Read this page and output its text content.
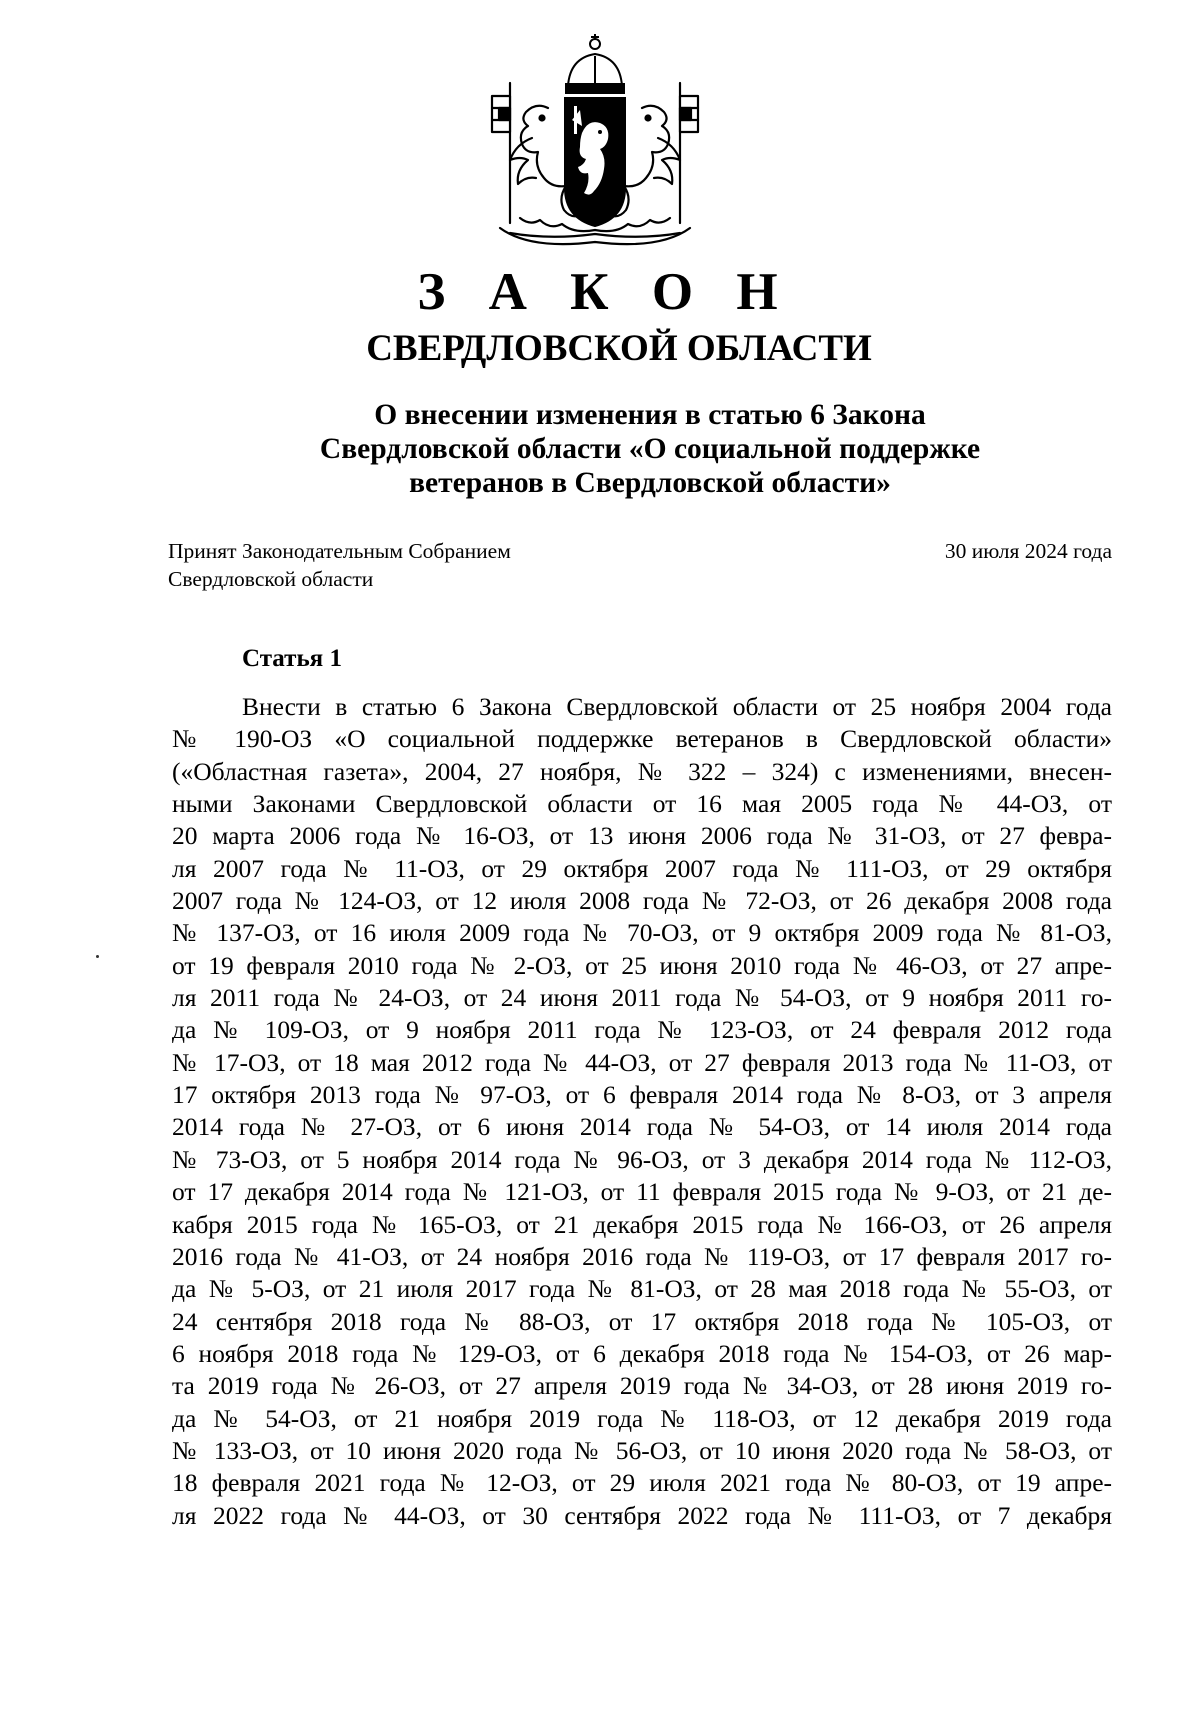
З А К О Н
СВЕРДЛОВСКОЙ ОБЛАСТИ
О внесении изменения в статью 6 Закона
Свердловской области «О социальной поддержке
ветеранов в Свердловской области»
Принят Законодательным Собранием
Свердловской области
30 июля 2024 года
Статья 1
Внести в статью 6 Закона Свердловской области от 25 ноября 2004 года
№ 190-ОЗ «О социальной поддержке ветеранов в Свердловской области»
(«Областная газета», 2004, 27 ноября, № 322 – 324) с изменениями, внесен-
ными Законами Свердловской области от 16 мая 2005 года № 44-ОЗ, от
20 марта 2006 года № 16-ОЗ, от 13 июня 2006 года № 31-ОЗ, от 27 февра-
ля 2007 года № 11-ОЗ, от 29 октября 2007 года № 111-ОЗ, от 29 октября
2007 года № 124-ОЗ, от 12 июля 2008 года № 72-ОЗ, от 26 декабря 2008 года
№ 137-ОЗ, от 16 июля 2009 года № 70-ОЗ, от 9 октября 2009 года № 81-ОЗ,
от 19 февраля 2010 года № 2-ОЗ, от 25 июня 2010 года № 46-ОЗ, от 27 апре-
ля 2011 года № 24-ОЗ, от 24 июня 2011 года № 54-ОЗ, от 9 ноября 2011 го-
да № 109-ОЗ, от 9 ноября 2011 года № 123-ОЗ, от 24 февраля 2012 года
№ 17-ОЗ, от 18 мая 2012 года № 44-ОЗ, от 27 февраля 2013 года № 11-ОЗ, от
17 октября 2013 года № 97-ОЗ, от 6 февраля 2014 года № 8-ОЗ, от 3 апреля
2014 года № 27-ОЗ, от 6 июня 2014 года № 54-ОЗ, от 14 июля 2014 года
№ 73-ОЗ, от 5 ноября 2014 года № 96-ОЗ, от 3 декабря 2014 года № 112-ОЗ,
от 17 декабря 2014 года № 121-ОЗ, от 11 февраля 2015 года № 9-ОЗ, от 21 де-
кабря 2015 года № 165-ОЗ, от 21 декабря 2015 года № 166-ОЗ, от 26 апреля
2016 года № 41-ОЗ, от 24 ноября 2016 года № 119-ОЗ, от 17 февраля 2017 го-
да № 5-ОЗ, от 21 июля 2017 года № 81-ОЗ, от 28 мая 2018 года № 55-ОЗ, от
24 сентября 2018 года № 88-ОЗ, от 17 октября 2018 года № 105-ОЗ, от
6 ноября 2018 года № 129-ОЗ, от 6 декабря 2018 года № 154-ОЗ, от 26 мар-
та 2019 года № 26-ОЗ, от 27 апреля 2019 года № 34-ОЗ, от 28 июня 2019 го-
да № 54-ОЗ, от 21 ноября 2019 года № 118-ОЗ, от 12 декабря 2019 года
№ 133-ОЗ, от 10 июня 2020 года № 56-ОЗ, от 10 июня 2020 года № 58-ОЗ, от
18 февраля 2021 года № 12-ОЗ, от 29 июля 2021 года № 80-ОЗ, от 19 апре-
ля 2022 года № 44-ОЗ, от 30 сентября 2022 года № 111-ОЗ, от 7 декабря
